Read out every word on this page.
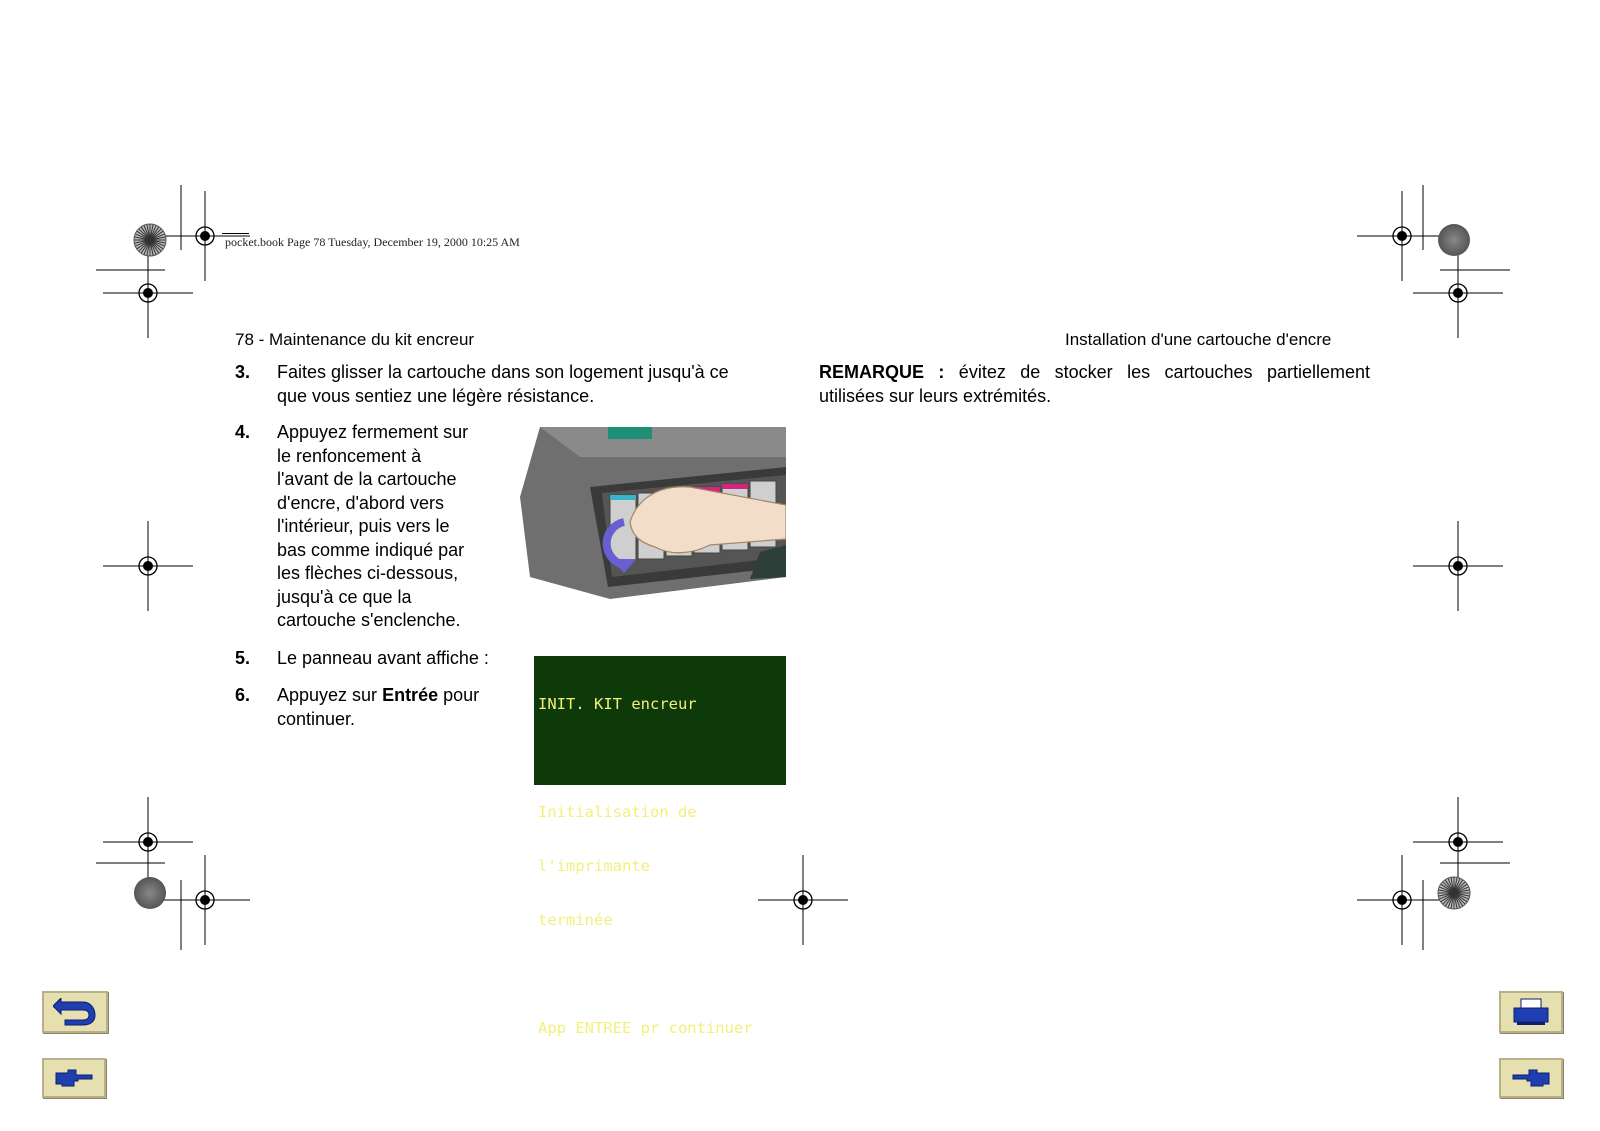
pocket.book Page 78 Tuesday, December 19, 2000 10:25 AM
78 - Maintenance du kit encreur	Installation d'une cartouche d'encre
3. Faites glisser la cartouche dans son logement jusqu'à ce
que vous sentiez une légère résistance.
4. Appuyez fermement sur
le renfoncement à
l'avant de la cartouche
d'encre, d'abord vers
l'intérieur, puis vers le
bas comme indiqué par
les flèches ci-dessous,
jusqu'à ce que la
cartouche s'enclenche.
5. Le panneau avant affiche :
6. Appuyez sur Entrée pour
continuer.

INIT. KIT encreur

Initialisation de

l'imprimante

terminée

App ENTREE pr continuer

REMARQUE : évitez de stocker les cartouches partiellement utilisées sur leurs extrémités.
